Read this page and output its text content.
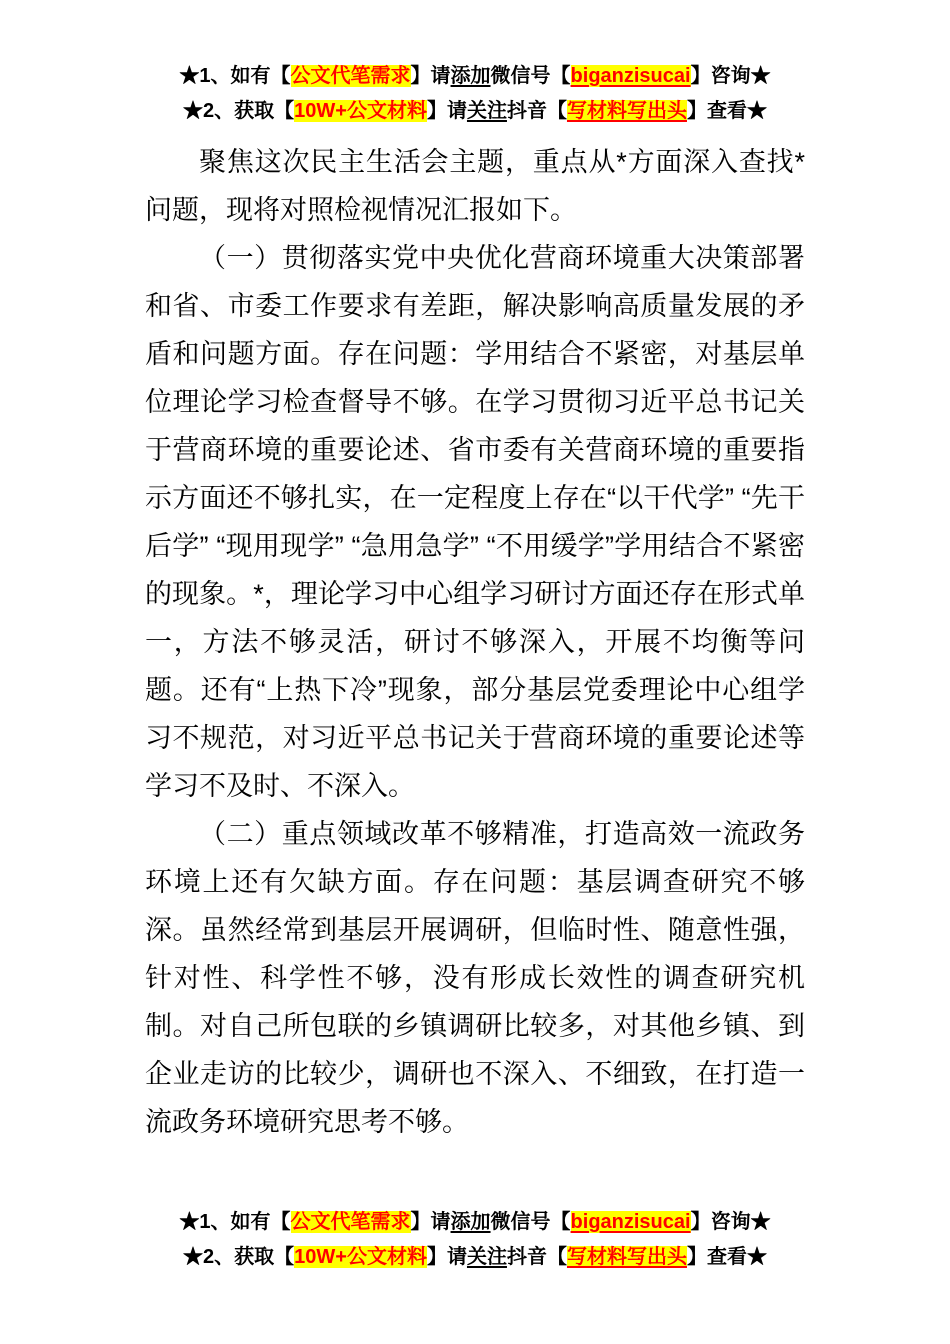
★1、如有【公文代笔需求】请添加微信号【biganzisucai】咨询★
★2、获取【10W+公文材料】请关注抖音【写材料写出头】查看★

聚焦这次民主生活会主题，重点从*方面深入查找*问题，现将对照检视情况汇报如下。

（一）贯彻落实党中央优化营商环境重大决策部署和省、市委工作要求有差距，解决影响高质量发展的矛盾和问题方面。存在问题：学用结合不紧密，对基层单位理论学习检查督导不够。在学习贯彻习近平总书记关于营商环境的重要论述、省市委有关营商环境的重要指示方面还不够扎实，在一定程度上存在“以干代学” “先干后学” “现用现学” “急用急学” “不用缓学”学用结合不紧密的现象。*，理论学习中心组学习研讨方面还存在形式单一，方法不够灵活，研讨不够深入，开展不均衡等问题。还有“上热下冷”现象，部分基层党委理论中心组学习不规范，对习近平总书记关于营商环境的重要论述等学习不及时、不深入。

（二）重点领域改革不够精准，打造高效一流政务环境上还有欠缺方面。存在问题：基层调查研究不够深。虽然经常到基层开展调研，但临时性、随意性强，针对性、科学性不够，没有形成长效性的调查研究机制。对自己所包联的乡镇调研比较多，对其他乡镇、到企业走访的比较少，调研也不深入、不细致，在打造一流政务环境研究思考不够。

★1、如有【公文代笔需求】请添加微信号【biganzisucai】咨询★
★2、获取【10W+公文材料】请关注抖音【写材料写出头】查看★
